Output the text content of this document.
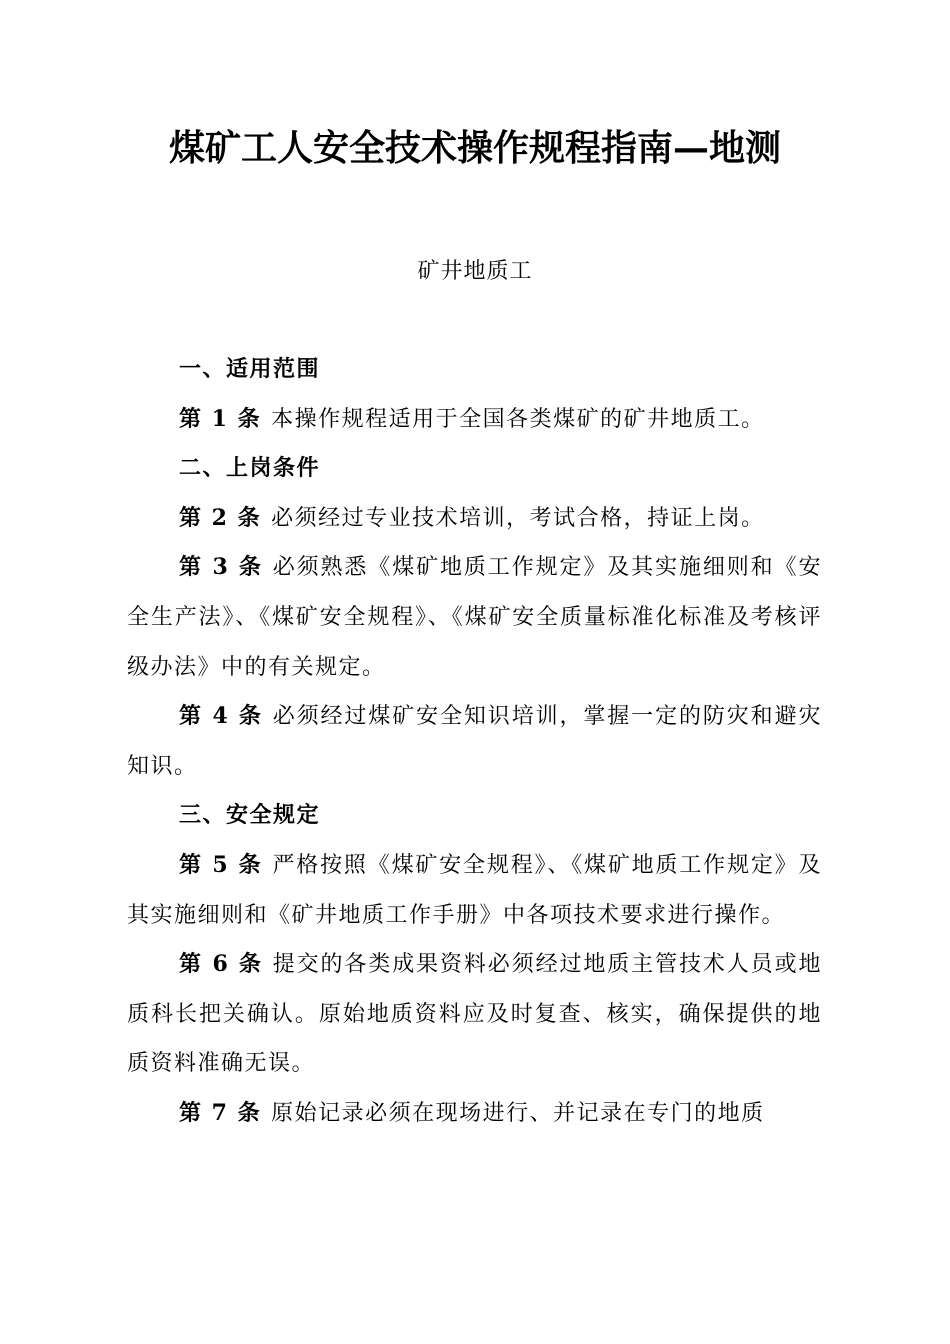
煤矿工人安全技术操作规程指南—地测
矿井地质工

一、适用范围

第 1 条 本操作规程适用于全国各类煤矿的矿井地质工。

二、上岗条件

第 2 条 必须经过专业技术培训，考试合格，持证上岗。

第 3 条 必须熟悉《煤矿地质工作规定》及其实施细则和《安全生产法》、《煤矿安全规程》、《煤矿安全质量标准化标准及考核评级办法》中的有关规定。

第 4 条 必须经过煤矿安全知识培训，掌握一定的防灾和避灾知识。

三、安全规定

第 5 条 严格按照《煤矿安全规程》、《煤矿地质工作规定》及其实施细则和《矿井地质工作手册》中各项技术要求进行操作。

第 6 条 提交的各类成果资料必须经过地质主管技术人员或地质科长把关确认。原始地质资料应及时复查、核实，确保提供的地质资料准确无误。

第 7 条 原始记录必须在现场进行、并记录在专门的地质
